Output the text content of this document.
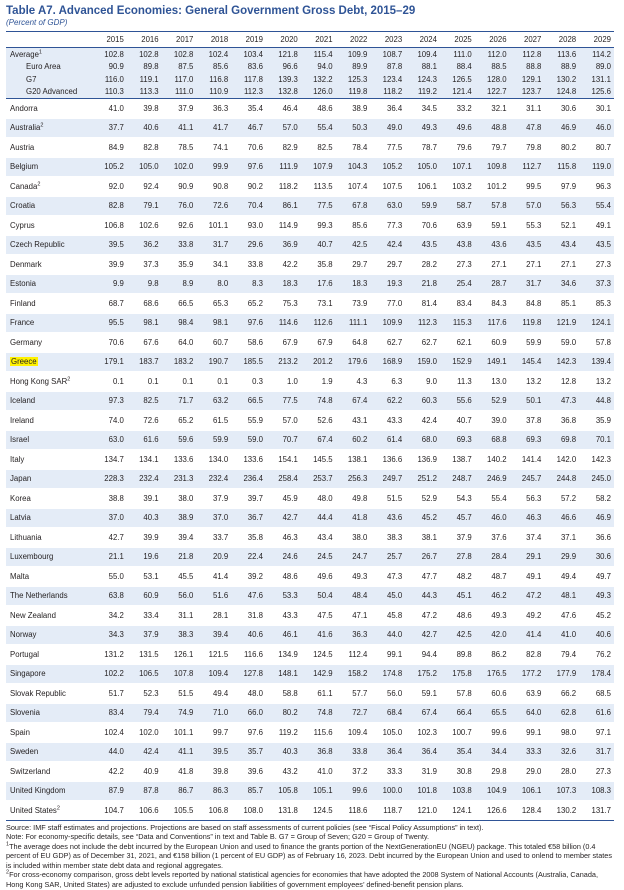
Table A7. Advanced Economies: General Government Gross Debt, 2015–29
(Percent of GDP)
	2015	2016	2017	2018	2019	2020	2021	2022	2023	2024	2025	2026	2027	2028	2029
Average$^1$	102.8	102.8	102.8	102.4	103.4	121.8	115.4	109.9	108.7	109.4	111.0	112.0	112.8	113.6	114.2
Euro Area	90.9	89.8	87.5	85.6	83.6	96.6	94.0	89.9	87.8	88.1	88.4	88.5	88.8	88.9	89.0
G7	116.0	119.1	117.0	116.8	117.8	139.3	132.2	125.3	123.4	124.3	126.5	128.0	129.1	130.2	131.1
G20 Advanced	110.3	113.3	111.0	110.9	112.3	132.8	126.0	119.8	118.2	119.2	121.4	122.7	123.7	124.8	125.6
Andorra	41.0	39.8	37.9	36.3	35.4	46.4	48.6	38.9	36.4	34.5	33.2	32.1	31.1	30.6	30.1
Australia$^2$	37.7	40.6	41.1	41.7	46.7	57.0	55.4	50.3	49.0	49.3	49.6	48.8	47.8	46.9	46.0
Austria	84.9	82.8	78.5	74.1	70.6	82.9	82.5	78.4	77.5	78.7	79.6	79.7	79.8	80.2	80.7
Belgium	105.2	105.0	102.0	99.9	97.6	111.9	107.9	104.3	105.2	105.0	107.1	109.8	112.7	115.8	119.0
Canada$^2$	92.0	92.4	90.9	90.8	90.2	118.2	113.5	107.4	107.5	106.1	103.2	101.2	99.5	97.9	96.3
Croatia	82.8	79.1	76.0	72.6	70.4	86.1	77.5	67.8	63.0	59.9	58.7	57.8	57.0	56.3	55.4
Cyprus	106.8	102.6	92.6	101.1	93.0	114.9	99.3	85.6	77.3	70.6	63.9	59.1	55.3	52.1	49.1
Czech Republic	39.5	36.2	33.8	31.7	29.6	36.9	40.7	42.5	42.4	43.5	43.8	43.6	43.5	43.4	43.5
Denmark	39.9	37.3	35.9	34.1	33.8	42.2	35.8	29.7	29.7	28.2	27.3	27.1	27.1	27.1	27.3
Estonia	9.9	9.8	8.9	8.0	8.3	18.3	17.6	18.3	19.3	21.8	25.4	28.7	31.7	34.6	37.3
Finland	68.7	68.6	66.5	65.3	65.2	75.3	73.1	73.9	77.0	81.4	83.4	84.3	84.8	85.1	85.3
France	95.5	98.1	98.4	98.1	97.6	114.6	112.6	111.1	109.9	112.3	115.3	117.6	119.8	121.9	124.1
Germany	70.6	67.6	64.0	60.7	58.6	67.9	67.9	64.8	62.7	62.7	62.1	60.9	59.9	59.0	57.8
Greece	179.1	183.7	183.2	190.7	185.5	213.2	201.2	179.6	168.9	159.0	152.9	149.1	145.4	142.3	139.4
Hong Kong SAR$^2$	0.1	0.1	0.1	0.1	0.3	1.0	1.9	4.3	6.3	9.0	11.3	13.0	13.2	12.8	13.2
Iceland	97.3	82.5	71.7	63.2	66.5	77.5	74.8	67.4	62.2	60.3	55.6	52.9	50.1	47.3	44.8
Ireland	74.0	72.6	65.2	61.5	55.9	57.0	52.6	43.1	43.3	42.4	40.7	39.0	37.8	36.8	35.9
Israel	63.0	61.6	59.6	59.9	59.0	70.7	67.4	60.2	61.4	68.0	69.3	68.8	69.3	69.8	70.1
Italy	134.7	134.1	133.6	134.0	133.6	154.1	145.5	138.1	136.6	136.9	138.7	140.2	141.4	142.0	142.3
Japan	228.3	232.4	231.3	232.4	236.4	258.4	253.7	256.3	249.7	251.2	248.7	246.9	245.7	244.8	245.0
Korea	38.8	39.1	38.0	37.9	39.7	45.9	48.0	49.8	51.5	52.9	54.3	55.4	56.3	57.2	58.2
Latvia	37.0	40.3	38.9	37.0	36.7	42.7	44.4	41.8	43.6	45.2	45.7	46.0	46.3	46.6	46.9
Lithuania	42.7	39.9	39.4	33.7	35.8	46.3	43.4	38.0	38.3	38.1	37.9	37.6	37.4	37.1	36.6
Luxembourg	21.1	19.6	21.8	20.9	22.4	24.6	24.5	24.7	25.7	26.7	27.8	28.4	29.1	29.9	30.6
Malta	55.0	53.1	45.5	41.4	39.2	48.6	49.6	49.3	47.3	47.7	48.2	48.7	49.1	49.4	49.7
The Netherlands	63.8	60.9	56.0	51.6	47.6	53.3	50.4	48.4	45.0	44.3	45.1	46.2	47.2	48.1	49.3
New Zealand	34.2	33.4	31.1	28.1	31.8	43.3	47.5	47.1	45.8	47.2	48.6	49.3	49.2	47.6	45.2
Norway	34.3	37.9	38.3	39.4	40.6	46.1	41.6	36.3	44.0	42.7	42.5	42.0	41.4	41.0	40.6
Portugal	131.2	131.5	126.1	121.5	116.6	134.9	124.5	112.4	99.1	94.4	89.8	86.2	82.8	79.4	76.2
Singapore	102.2	106.5	107.8	109.4	127.8	148.1	142.9	158.2	174.8	175.2	175.8	176.5	177.2	177.9	178.4
Slovak Republic	51.7	52.3	51.5	49.4	48.0	58.8	61.1	57.7	56.0	59.1	57.8	60.6	63.9	66.2	68.5
Slovenia	83.4	79.4	74.9	71.0	66.0	80.2	74.8	72.7	68.4	67.4	66.4	65.5	64.0	62.8	61.6
Spain	102.4	102.0	101.1	99.7	97.6	119.2	115.6	109.4	105.0	102.3	100.7	99.6	99.1	98.0	97.1
Sweden	44.0	42.4	41.1	39.5	35.7	40.3	36.8	33.8	36.4	36.4	35.4	34.4	33.3	32.6	31.7
Switzerland	42.2	40.9	41.8	39.8	39.6	43.2	41.0	37.2	33.3	31.9	30.8	29.8	29.0	28.0	27.3
United Kingdom	87.9	87.8	86.7	86.3	85.7	105.8	105.1	99.6	100.0	101.8	103.8	104.9	106.1	107.3	108.3
United States$^2$	104.7	106.6	105.5	106.8	108.0	131.8	124.5	118.6	118.7	121.0	124.1	126.6	128.4	130.2	131.7

Source: IMF staff estimates and projections. Projections are based on staff assessments of current policies (see “Fiscal Policy Assumptions” in text).

Note: For economy-specific details, see “Data and Conventions” in text and Table B. G7 = Group of Seven; G20 = Group of Twenty.

$^1$The average does not include the debt incurred by the European Union and used to finance the grants portion of the NextGenerationEU (NGEU) package. This totaled €58 billion (0.4 percent of EU GDP) as of December 31, 2021, and €158 billion (1 percent of EU GDP) as of February 16, 2023. Debt incurred by the European Union and used to onlend to member states is included within member state debt data and regional aggregates.

$^2$For cross-economy comparison, gross debt levels reported by national statistical agencies for economies that have adopted the 2008 System of National Accounts (Australia, Canada, Hong Kong SAR, United States) are adjusted to exclude unfunded pension liabilities of government employees’ defined-benefit pension plans.
